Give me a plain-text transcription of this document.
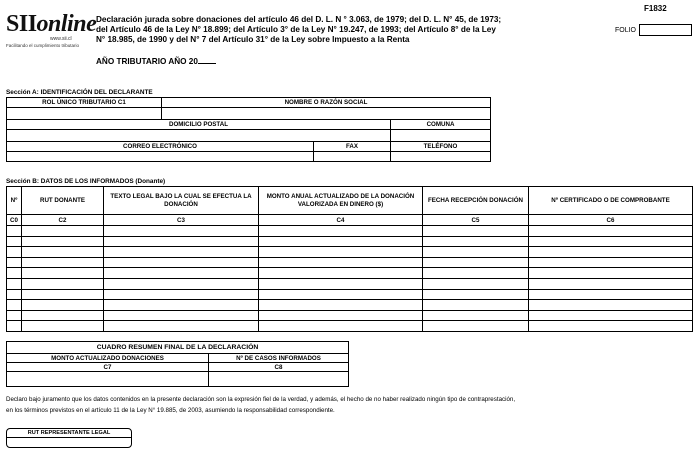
SIIonline
www.sii.cl
Facilitando el cumplimiento tributario
Declaración jurada sobre donaciones del artículo 46 del D. L. N ° 3.063, de 1979; del D. L. N° 45, de 1973;
del Artículo 46 de la Ley N° 18.899; del Artículo 3° de la Ley N° 19.247, de 1993; del Artículo 8° de la Ley
N° 18.985, de 1990 y del N° 7 del Artículo 31° de la Ley sobre Impuesto a la Renta
F1832
FOLIO
AÑO TRIBUTARIO AÑO 20
Sección A: IDENTIFICACIÓN DEL DECLARANTE
ROL ÚNICO TRIBUTARIO C1	NOMBRE O RAZÓN SOCIAL		

DOMICILIO POSTAL			COMUNA

CORREO ELECTRÓNICO		FAX	TELÉFONO

Sección B: DATOS DE LOS INFORMADOS (Donante)
Nº	RUT DONANTE	TEXTO LEGAL BAJO LA CUAL SE EFECTUA LA DONACIÓN	MONTO ANUAL ACTUALIZADO DE LA DONACIÓN VALORIZADA EN DINERO ($)	FECHA RECEPCIÓN DONACIÓN	Nº CERTIFICADO O DE COMPROBANTE
C0	C2	C3	C4	C5	C6

CUADRO RESUMEN FINAL DE LA DECLARACIÓN	
MONTO ACTUALIZADO DONACIONES	Nº DE CASOS INFORMADOS
C7	C8

Declaro bajo juramento que los datos contenidos en la presente declaración son la expresión fiel de la verdad, y además, el hecho de no haber realizado ningún tipo de contraprestación,
en los términos previstos en el artículo 11 de la Ley N° 19.885, de 2003, asumiendo la responsabilidad correspondiente.
RUT REPRESENTANTE LEGAL
